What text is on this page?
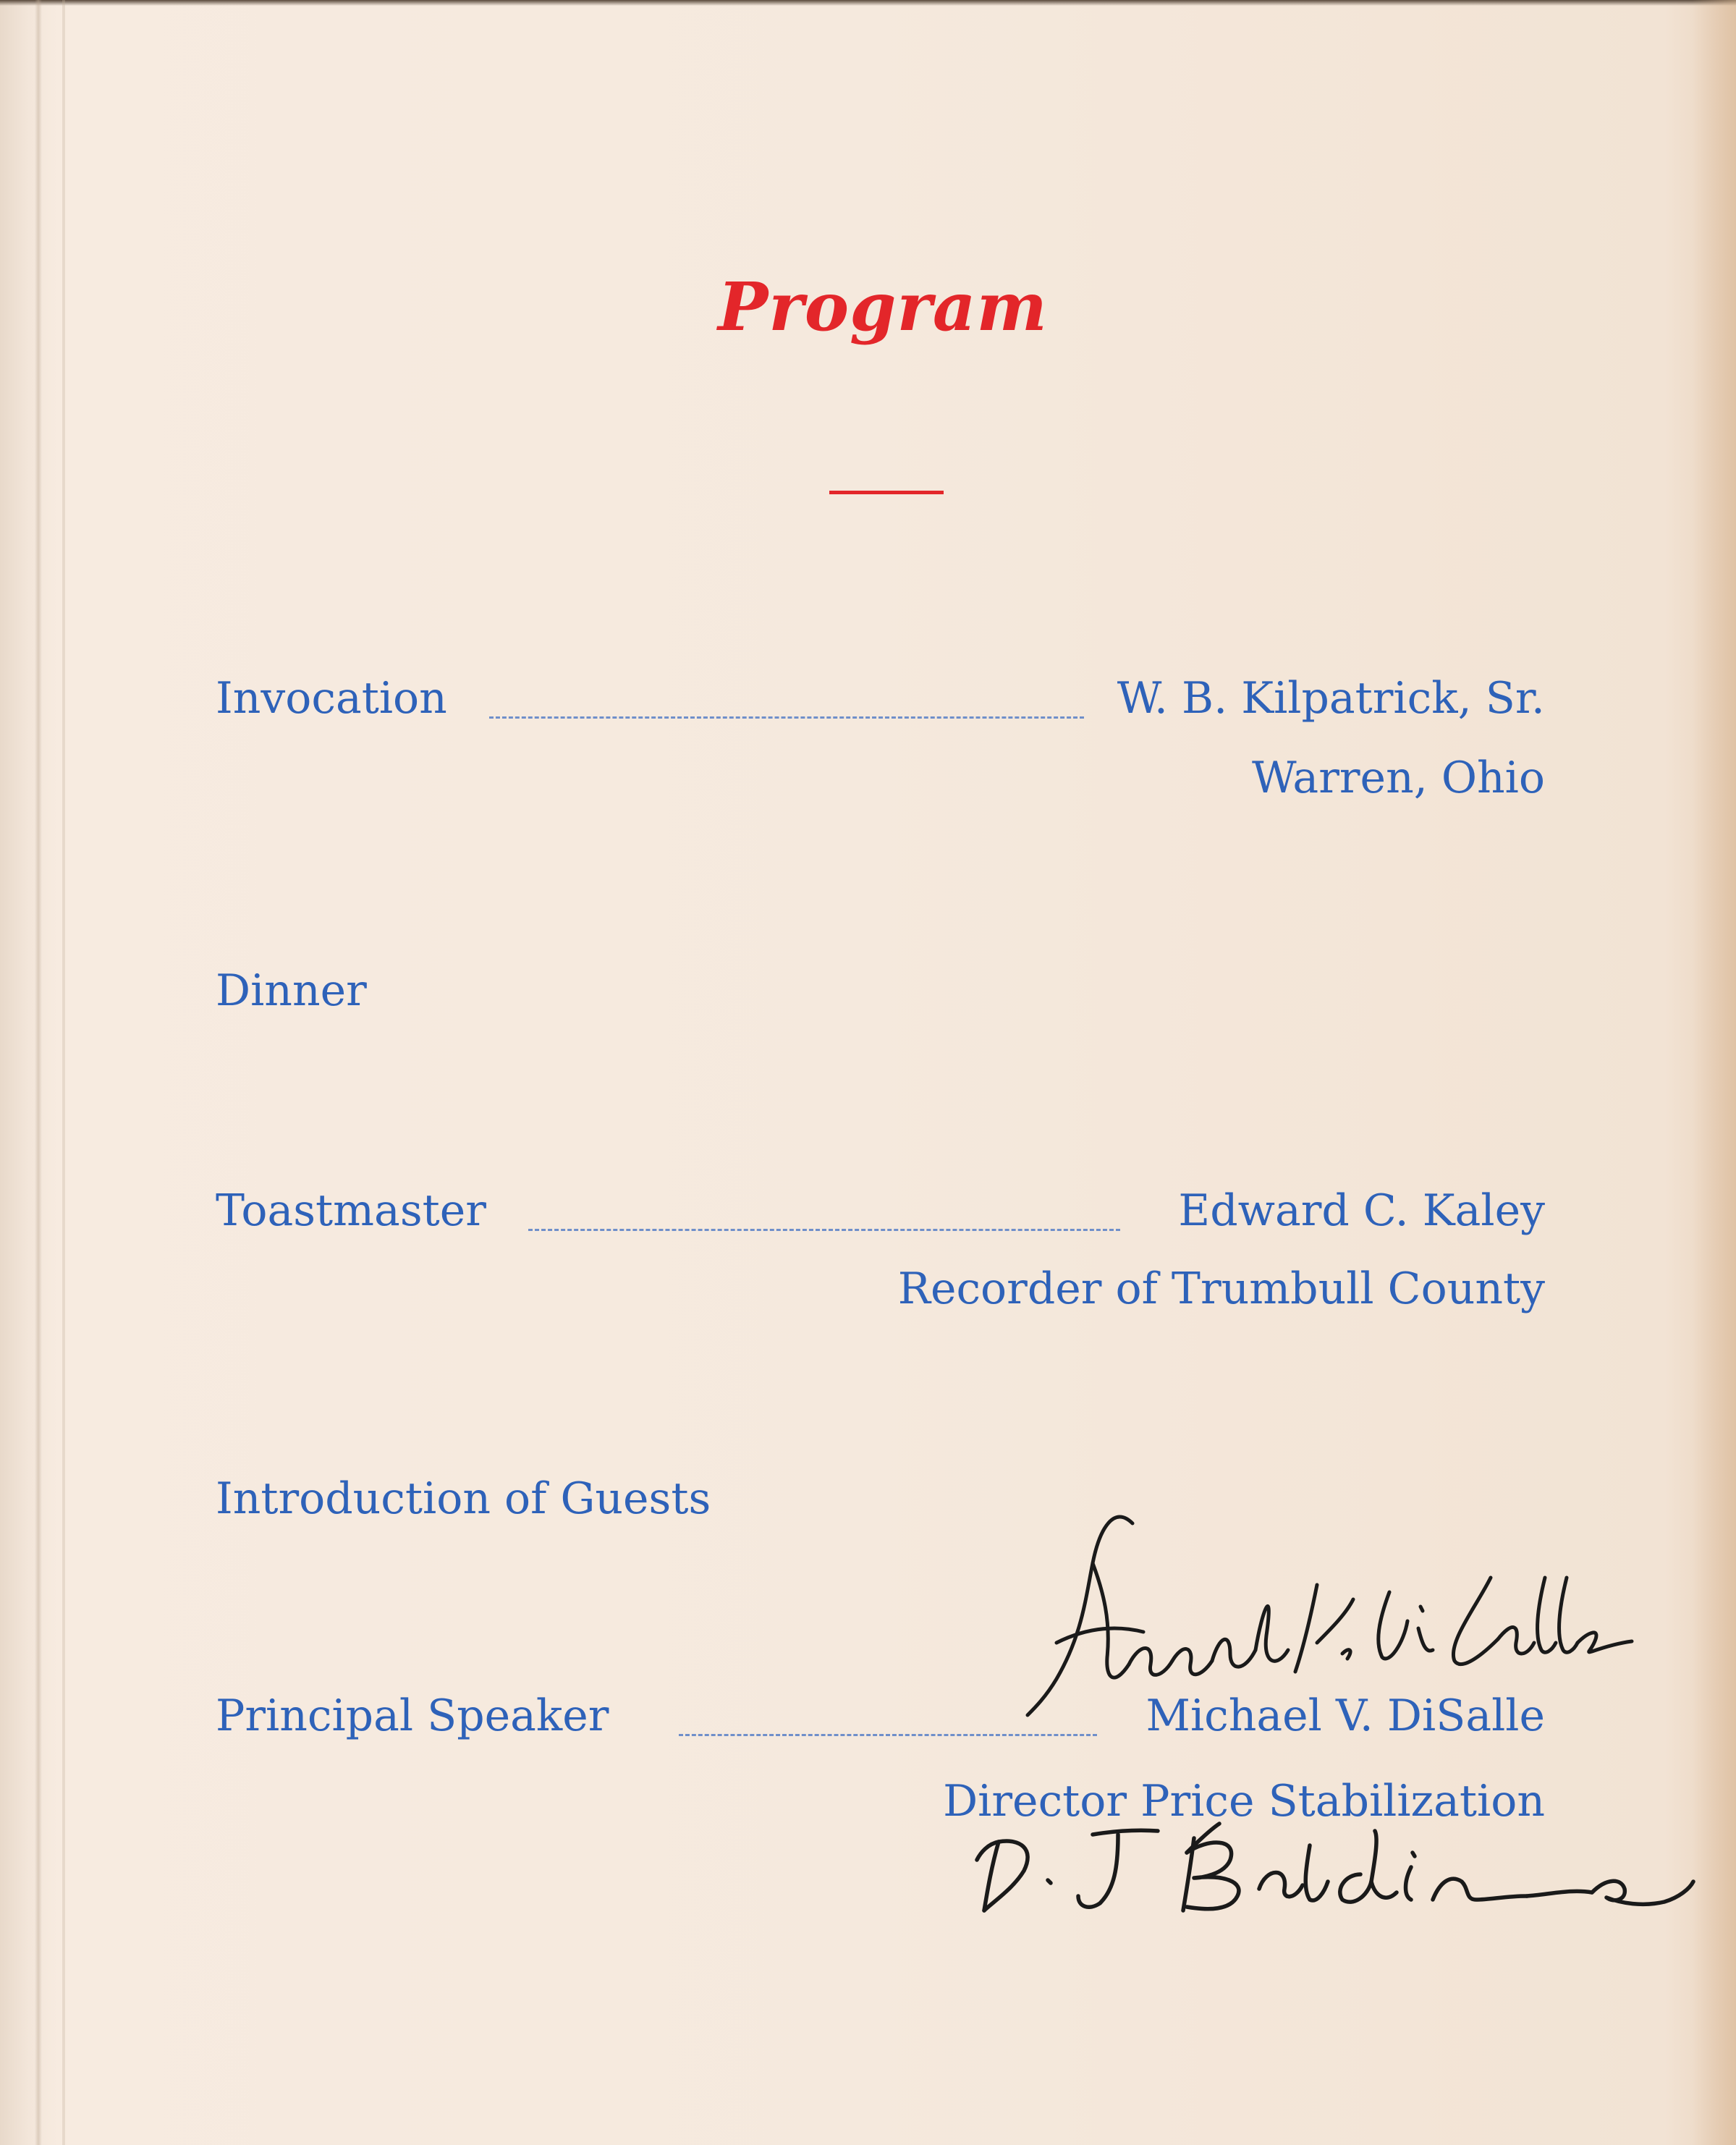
Program
Invocation	W. B. Kilpatrick, Sr.
Warren, Ohio
Dinner
Toastmaster	Edward C. Kaley
Recorder of Trumbull County
Introduction of Guests
Principal Speaker	Michael V. DiSalle
Director Price Stabilization
